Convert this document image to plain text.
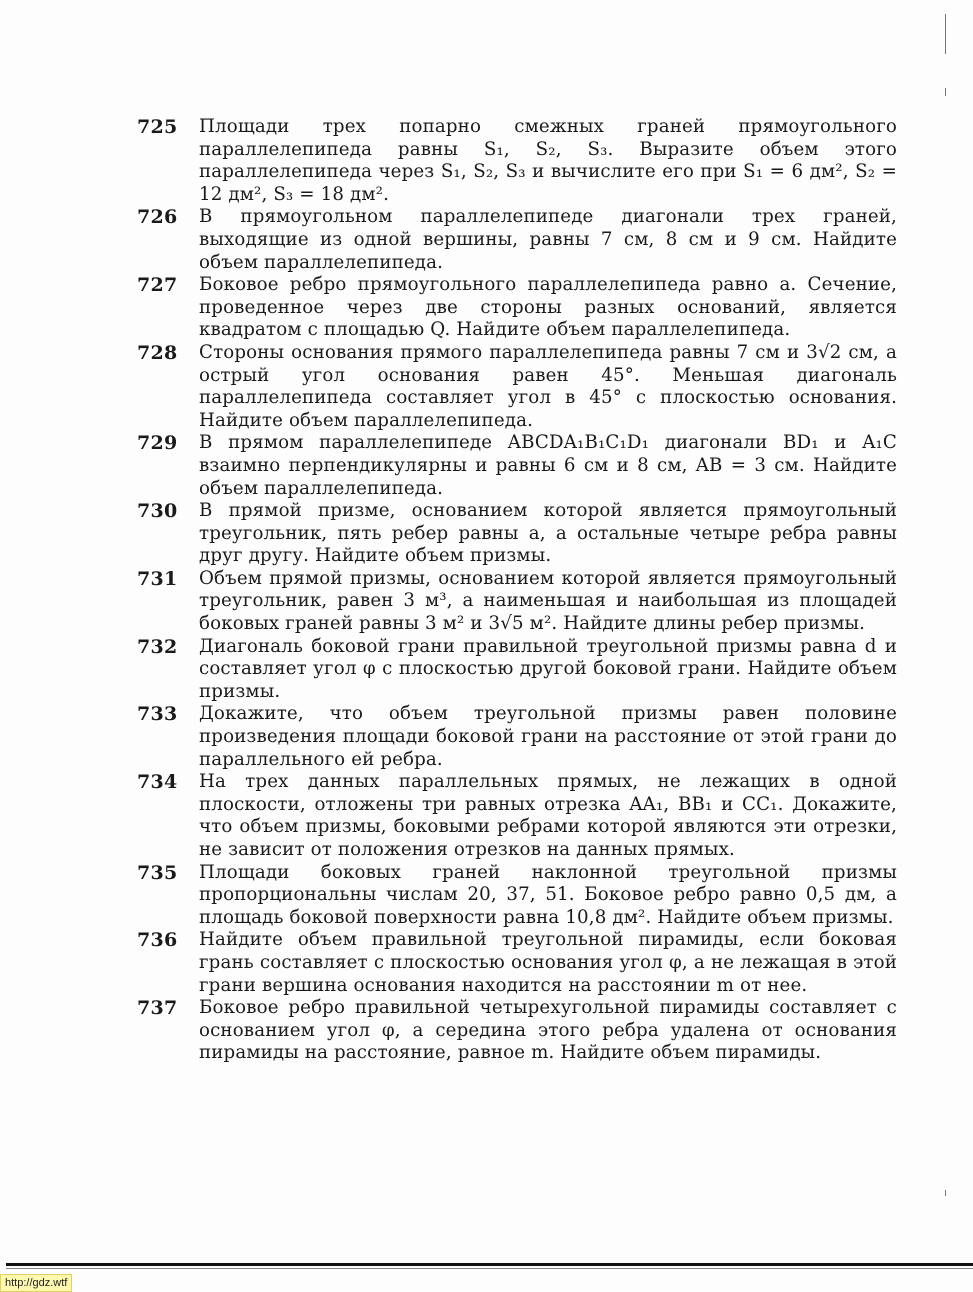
725	Площади трех попарно смежных граней прямоугольного параллелепипеда равны S₁, S₂, S₃. Выразите объем этого параллелепипеда через S₁, S₂, S₃ и вычислите его при S₁ = 6 дм², S₂ = 12 дм², S₃ = 18 дм².
726	В прямоугольном параллелепипеде диагонали трех граней, выходящие из одной вершины, равны 7 см, 8 см и 9 см. Найдите объем параллелепипеда.
727	Боковое ребро прямоугольного параллелепипеда равно a. Сечение, проведенное через две стороны разных оснований, является квадратом с площадью Q. Найдите объем параллелепипеда.
728	Стороны основания прямого параллелепипеда равны 7 см и 3√2 см, а острый угол основания равен 45°. Меньшая диагональ параллелепипеда составляет угол в 45° с плоскостью основания. Найдите объем параллелепипеда.
729	В прямом параллелепипеде ABCDA₁B₁C₁D₁ диагонали BD₁ и A₁C взаимно перпендикулярны и равны 6 см и 8 см, AB = 3 см. Найдите объем параллелепипеда.
730	В прямой призме, основанием которой является прямоугольный треугольник, пять ребер равны a, а остальные четыре ребра равны друг другу. Найдите объем призмы.
731	Объем прямой призмы, основанием которой является прямоугольный треугольник, равен 3 м³, а наименьшая и наибольшая из площадей боковых граней равны 3 м² и 3√5 м². Найдите длины ребер призмы.
732	Диагональ боковой грани правильной треугольной призмы равна d и составляет угол φ с плоскостью другой боковой грани. Найдите объем призмы.
733	Докажите, что объем треугольной призмы равен половине произведения площади боковой грани на расстояние от этой грани до параллельного ей ребра.
734	На трех данных параллельных прямых, не лежащих в одной плоскости, отложены три равных отрезка AA₁, BB₁ и CC₁. Докажите, что объем призмы, боковыми ребрами которой являются эти отрезки, не зависит от положения отрезков на данных прямых.
735	Площади боковых граней наклонной треугольной призмы пропорциональны числам 20, 37, 51. Боковое ребро равно 0,5 дм, а площадь боковой поверхности равна 10,8 дм². Найдите объем призмы.
736	Найдите объем правильной треугольной пирамиды, если боковая грань составляет с плоскостью основания угол φ, а не лежащая в этой грани вершина основания находится на расстоянии m от нее.
737	Боковое ребро правильной четырехугольной пирамиды составляет с основанием угол φ, а середина этого ребра удалена от основания пирамиды на расстояние, равное m. Найдите объем пирамиды.
http://gdz.wtf
